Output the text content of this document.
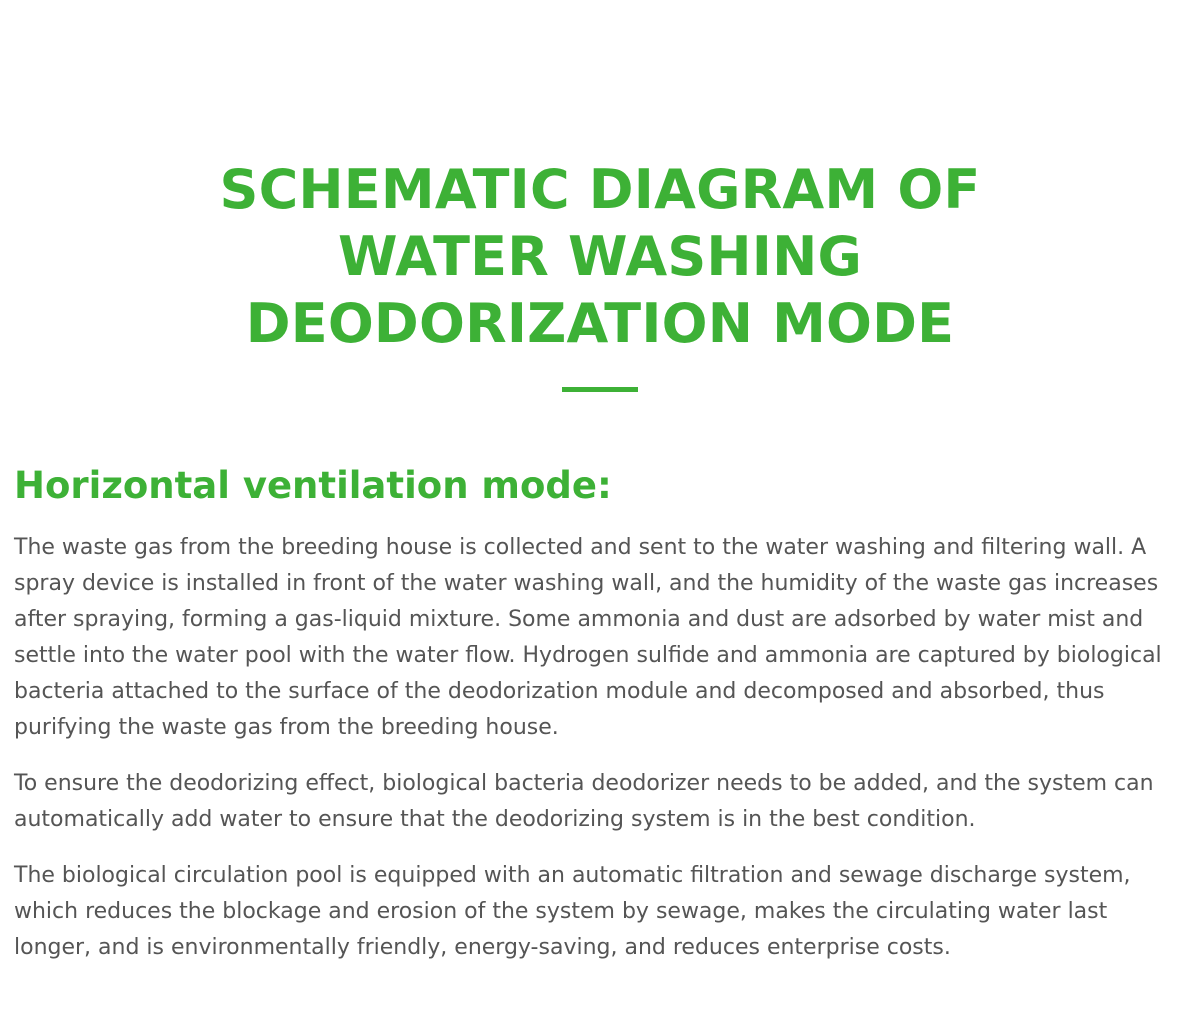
SCHEMATIC DIAGRAM OF WATER WASHING DEODORIZATION MODE
Horizontal ventilation mode:

The waste gas from the breeding house is collected and sent to the water washing and filtering wall. A spray device is installed in front of the water washing wall, and the humidity of the waste gas increases after spraying, forming a gas-liquid mixture. Some ammonia and dust are adsorbed by water mist and settle into the water pool with the water flow. Hydrogen sulfide and ammonia are captured by biological bacteria attached to the surface of the deodorization module and decomposed and absorbed, thus purifying the waste gas from the breeding house.

To ensure the deodorizing effect, biological bacteria deodorizer needs to be added, and the system can automatically add water to ensure that the deodorizing system is in the best condition.

The biological circulation pool is equipped with an automatic filtration and sewage discharge system, which reduces the blockage and erosion of the system by sewage, makes the circulating water last longer, and is environmentally friendly, energy-saving, and reduces enterprise costs.
